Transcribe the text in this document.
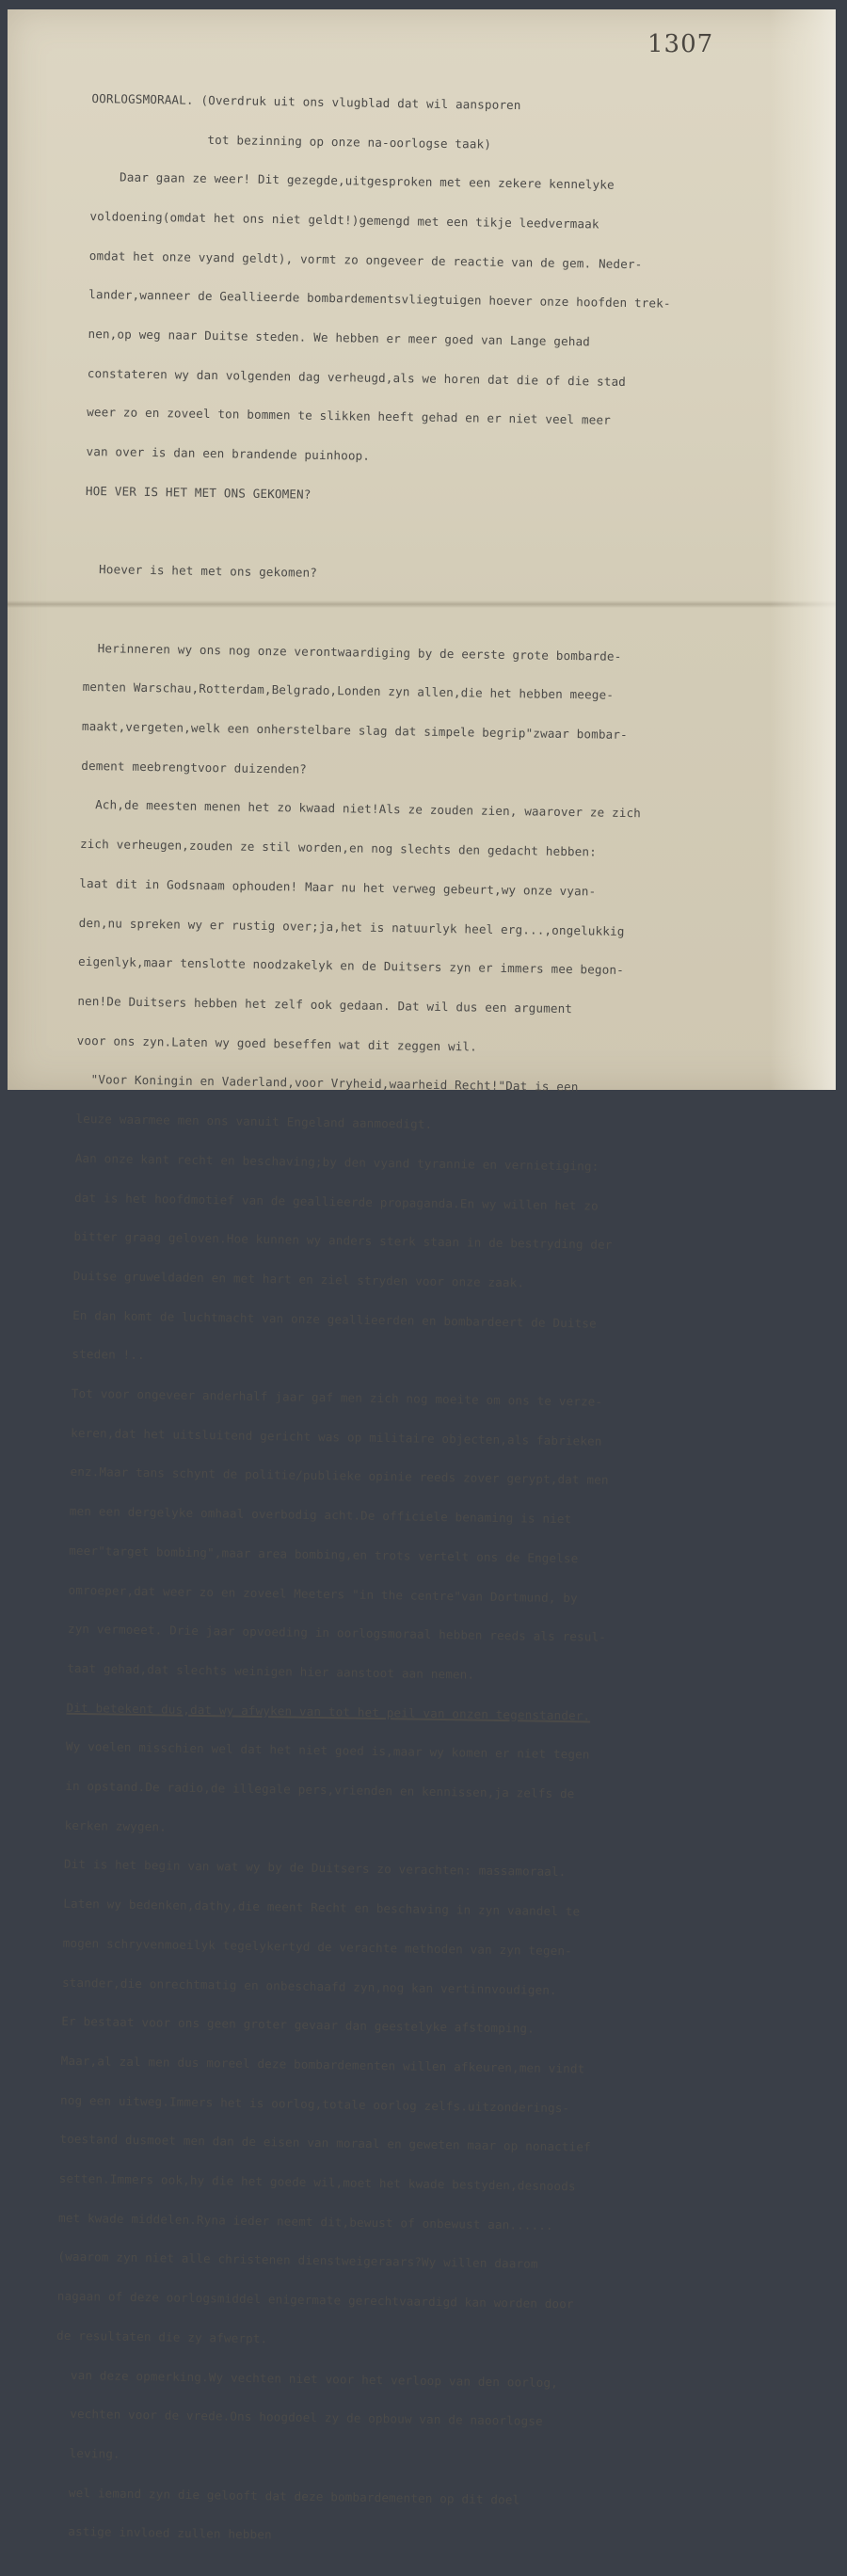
1307

OORLOGSMORAAL. (Overdruk uit ons vlugblad dat wil aansporen

tot bezinning op onze na-oorlogse taak)

Daar gaan ze weer! Dit gezegde,uitgesproken met een zekere kennelyke

voldoening(omdat het ons niet geldt!)gemengd met een tikje leedvermaak

omdat het onze vyand geldt), vormt zo ongeveer de reactie van de gem. Neder-

lander,wanneer de Geallieerde bombardementsvliegtuigen hoever onze hoofden trek-

nen,op weg naar Duitse steden. We hebben er meer goed van Lange gehad

constateren wy dan volgenden dag verheugd,als we horen dat die of die stad

weer zo en zoveel ton bommen te slikken heeft gehad en er niet veel meer

van over is dan een brandende puinhoop.

HOE VER IS HET MET ONS GEKOMEN?

Hoever is het met ons gekomen?

Herinneren wy ons nog onze verontwaardiging by de eerste grote bombarde-

menten Warschau,Rotterdam,Belgrado,Londen zyn allen,die het hebben meege-

maakt,vergeten,welk een onherstelbare slag dat simpele begrip"zwaar bombar-

dement meebrengtvoor duizenden?

Ach,de meesten menen het zo kwaad niet!Als ze zouden zien, waarover ze zich

zich verheugen,zouden ze stil worden,en nog slechts den gedacht hebben:

laat dit in Godsnaam ophouden! Maar nu het verweg gebeurt,wy onze vyan-

den,nu spreken wy er rustig over;ja,het is natuurlyk heel erg...,ongelukkig

eigenlyk,maar tenslotte noodzakelyk en de Duitsers zyn er immers mee begon-

nen!De Duitsers hebben het zelf ook gedaan. Dat wil dus een argument

voor ons zyn.Laten wy goed beseffen wat dit zeggen wil.

"Voor Koningin en Vaderland,voor Vryheid,waarheid Recht!"Dat is een

leuze waarmee men ons vanuit Engeland aanmoedigt.

Aan onze kant recht en beschaving;by den vyand tyrannie en vernietiging:

dat is het hoofdmotief van de geallieerde propaganda.En wy willen het zo

bitter graag geloven.Hoe kunnen wy anders sterk staan in de bestryding der

Duitse gruweldaden en met hart en ziel stryden voor onze zaak.

En dan komt de luchtmacht van onze geallieerden en bombardeert de Duitse

steden !..

Tot voor ongeveer anderhalf jaar gaf men zich nog moeite om ons te verze-

keren,dat het uitsluitend gericht was op militaire objecten,als fabrieken

enz.Maar tans schynt de politie/publieke opinie reeds zover gerypt,dat men

men een dergelyke omhaal overbodig acht.De officiele benaming is niet

meer"target bombing",maar area bombing,en trots vertelt ons de Engelse

omroeper,dat weer zo en zoveel Meeters "in the centre"van Dortmund, by

zyn vermoeet. Drie jaar opvoeding in oorlogsmoraal hebben reeds als resul-

taat gehad,dat slechts weinigen hier aanstoot aan nemen.

Dit betekent dus,dat wy afwyken van tot het peil van onzen tegenstander.

Wy voelen misschien wel dat het niet goed is,maar wy komen er niet tegen

in opstand.De radio,de illegale pers,vrienden en kennissen,ja zelfs de

kerken zwygen.

Dit is het begin van wat wy by de Duitsers zo verachten: massamoraal.

Laten wy bedenken,dathy,die meent Recht en beschaving in zyn vaandel te

mogen schryvenmoeilyk tegelykertyd de verachte methoden van zyn tegen-

stander,die onrechtmatig en onbeschaafd zyn,nog kan vertinnvoudigen.

Er bestaat voor ons geen groter gevaar dan geestelyke afstomping.

Maar,al zal men dus moreel deze bombardementen willen afkeuren,men vindt

nog een uitweg.Immers het is oorlog,totale oorlog zelfs.uitzonderings-

toestand dusmoet men dan de eisen van moraal en geweten maar op nonactief

setten.Immers ook,hy die het goede wil,moet het kwade bestyden,desnoods

met kwade middelen.Ryna ieder neemt dit,bewust of onbewust aan......

(waarom zyn niet alle christenen dienstweigeraars?Wy willen daarom

nagaan of deze oorlogsmiddel enigermate gerechtvaardigd kan worden door

de resultaten die zy afwerpt.

van deze opmerking.Wy vechten niet voor het verloop van den oorlog,

vechten voor de vrede.Ons hoogdoel zy de opbouw van de naoorlogse

leving.

wel iemand zyn die gelooft dat deze bombardementen op dit doel

astige invloed zullen hebben
